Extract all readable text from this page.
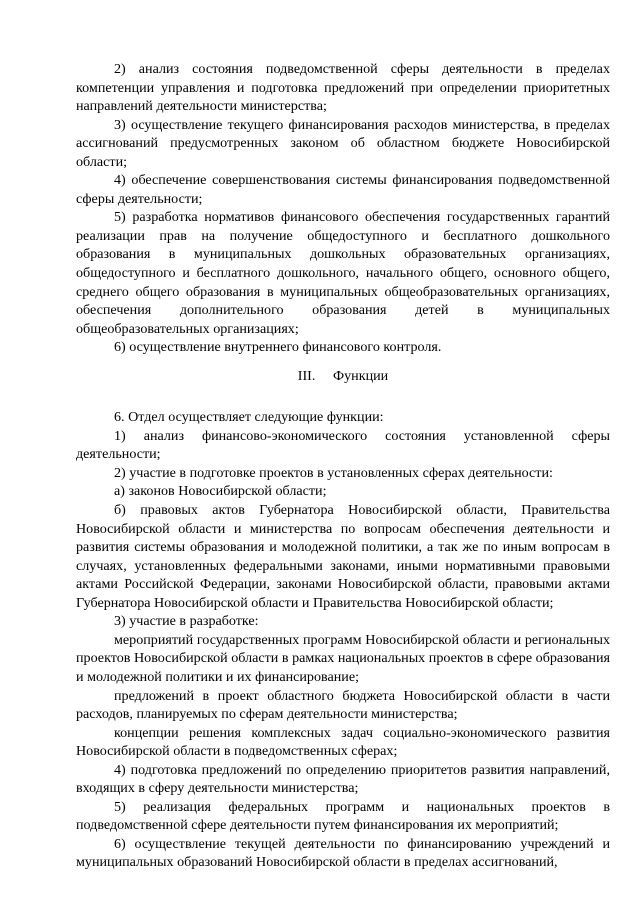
2) анализ состояния подведомственной сферы деятельности в пределах компетенции управления и подготовка предложений при определении приоритетных направлений деятельности министерства;

3) осуществление текущего финансирования расходов министерства, в пределах ассигнований предусмотренных законом об областном бюджете Новосибирской области;

4) обеспечение совершенствования системы финансирования подведомственной сферы деятельности;

5) разработка нормативов финансового обеспечения государственных гарантий реализации прав на получение общедоступного и бесплатного дошкольного образования в муниципальных дошкольных образовательных организациях, общедоступного и бесплатного дошкольного, начального общего, основного общего, среднего общего образования в муниципальных общеобразовательных организациях, обеспечения дополнительного образования детей в муниципальных общеобразовательных организациях;

6) осуществление внутреннего финансового контроля.

III.     Функции

6. Отдел осуществляет следующие функции:

1) анализ финансово-экономического состояния установленной сферы деятельности;

2) участие в подготовке проектов в установленных сферах деятельности:

а) законов Новосибирской области;

б) правовых актов Губернатора Новосибирской области, Правительства Новосибирской области и министерства по вопросам обеспечения деятельности и развития системы образования и молодежной политики, а так же по иным вопросам в случаях, установленных федеральными законами, иными нормативными правовыми актами Российской Федерации, законами Новосибирской области, правовыми актами Губернатора Новосибирской области и Правительства Новосибирской области;

3) участие в разработке:

мероприятий государственных программ Новосибирской области и региональных проектов Новосибирской области в рамках национальных проектов в сфере образования и молодежной политики и их финансирование;

предложений в проект областного бюджета Новосибирской области в части расходов, планируемых по сферам деятельности министерства;

концепции решения комплексных задач социально-экономического развития Новосибирской области в подведомственных сферах;

4) подготовка предложений по определению приоритетов развития направлений, входящих в сферу деятельности министерства;

5) реализация федеральных программ и национальных проектов в подведомственной сфере деятельности путем финансирования их мероприятий;

6) осуществление текущей деятельности по финансированию учреждений и муниципальных образований Новосибирской области в пределах ассигнований,
